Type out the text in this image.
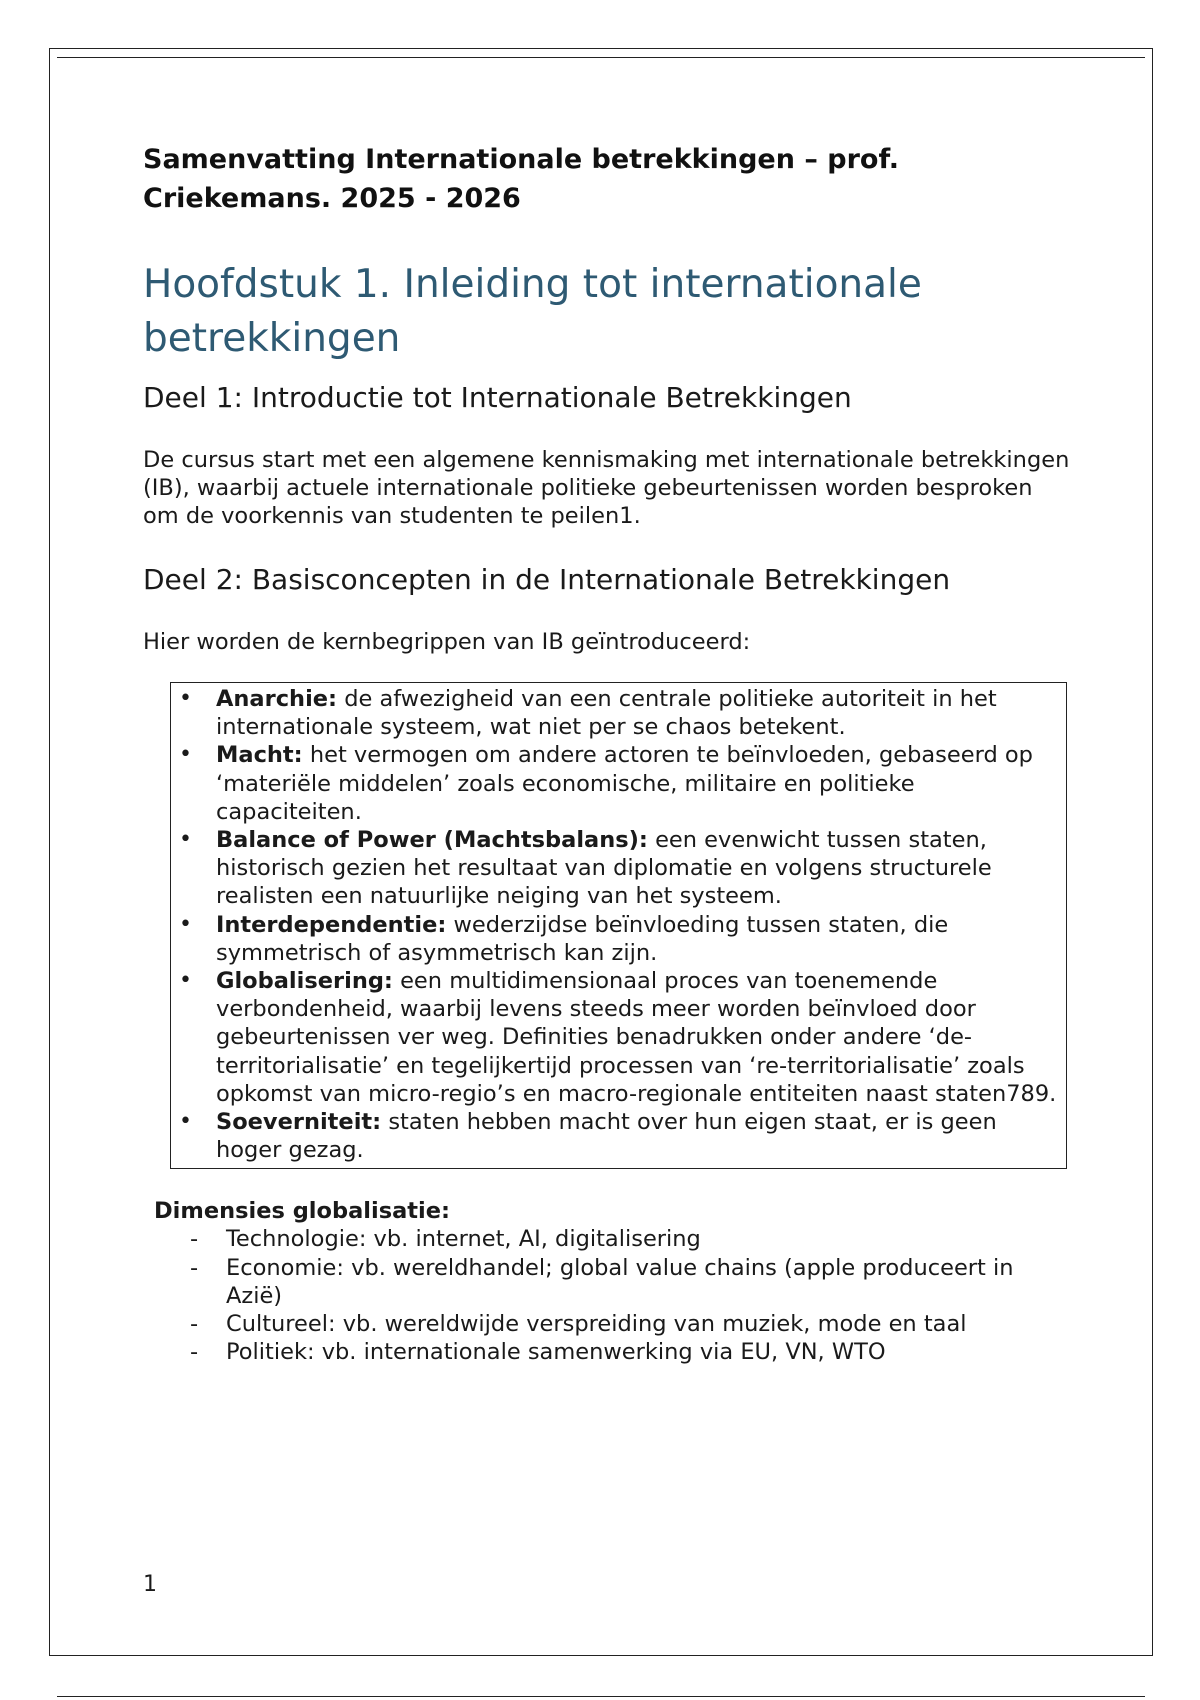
Samenvatting Internationale betrekkingen – prof. Criekemans. 2025 - 2026
Hoofdstuk 1. Inleiding tot internationale betrekkingen
Deel 1: Introductie tot Internationale Betrekkingen

De cursus start met een algemene kennismaking met internationale betrekkingen (IB), waarbij actuele internationale politieke gebeurtenissen worden besproken om de voorkennis van studenten te peilen1.

Deel 2: Basisconcepten in de Internationale Betrekkingen

Hier worden de kernbegrippen van IB geïntroduceerd:

• Anarchie: de afwezigheid van een centrale politieke autoriteit in het internationale systeem, wat niet per se chaos betekent.
• Macht: het vermogen om andere actoren te beïnvloeden, gebaseerd op ‘materiële middelen’ zoals economische, militaire en politieke capaciteiten.
• Balance of Power (Machtsbalans): een evenwicht tussen staten, historisch gezien het resultaat van diplomatie en volgens structurele realisten een natuurlijke neiging van het systeem.
• Interdependentie: wederzijdse beïnvloeding tussen staten, die symmetrisch of asymmetrisch kan zijn.
• Globalisering: een multidimensionaal proces van toenemende verbondenheid, waarbij levens steeds meer worden beïnvloed door gebeurtenissen ver weg. Definities benadrukken onder andere ‘de-territorialisatie’ en tegelijkertijd processen van ‘re-territorialisatie’ zoals opkomst van micro-regio’s en macro-regionale entiteiten naast staten789.
• Soeverniteit: staten hebben macht over hun eigen staat, er is geen hoger gezag.

Dimensies globalisatie:

- Technologie: vb. internet, AI, digitalisering
- Economie: vb. wereldhandel; global value chains (apple produceert in Azië)
- Cultureel: vb. wereldwijde verspreiding van muziek, mode en taal
- Politiek: vb. internationale samenwerking via EU, VN, WTO
1
